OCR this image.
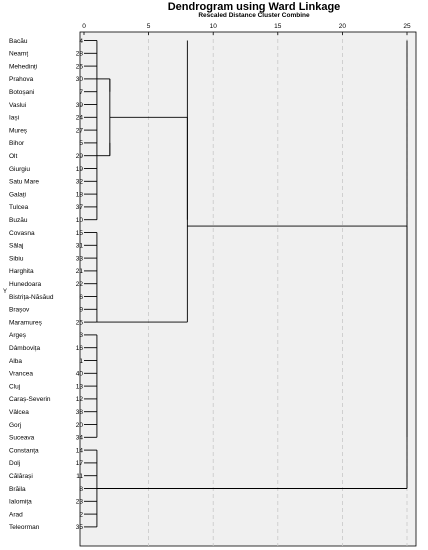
Dendrogram using Ward Linkage
Rescaled Distance Cluster Combine
Y
0	5	10	15	20	25
Bacău	4
Neamț	28
Mehedinți	26
Prahova	30
Botoșani	7
Vaslui	39
Iași	24
Mureș	27
Bihor	5
Olt	29
Giurgiu	19
Satu Mare	32
Galați	18
Tulcea	37
Buzău	10
Covasna	15
Sălaj	31
Sibiu	33
Harghita	21
Hunedoara	22
Bistrița-Năsăud	6
Brașov	9
Maramureș	25
Argeș	3
Dâmbovița	16
Alba	1
Vrancea	40
Cluj	13
Caraș-Severin	12
Vâlcea	38
Gorj	20
Suceava	34
Constanța	14
Dolj	17
Călărași	11
Brăila	8
Ialomița	23
Arad	2
Teleorman	35
